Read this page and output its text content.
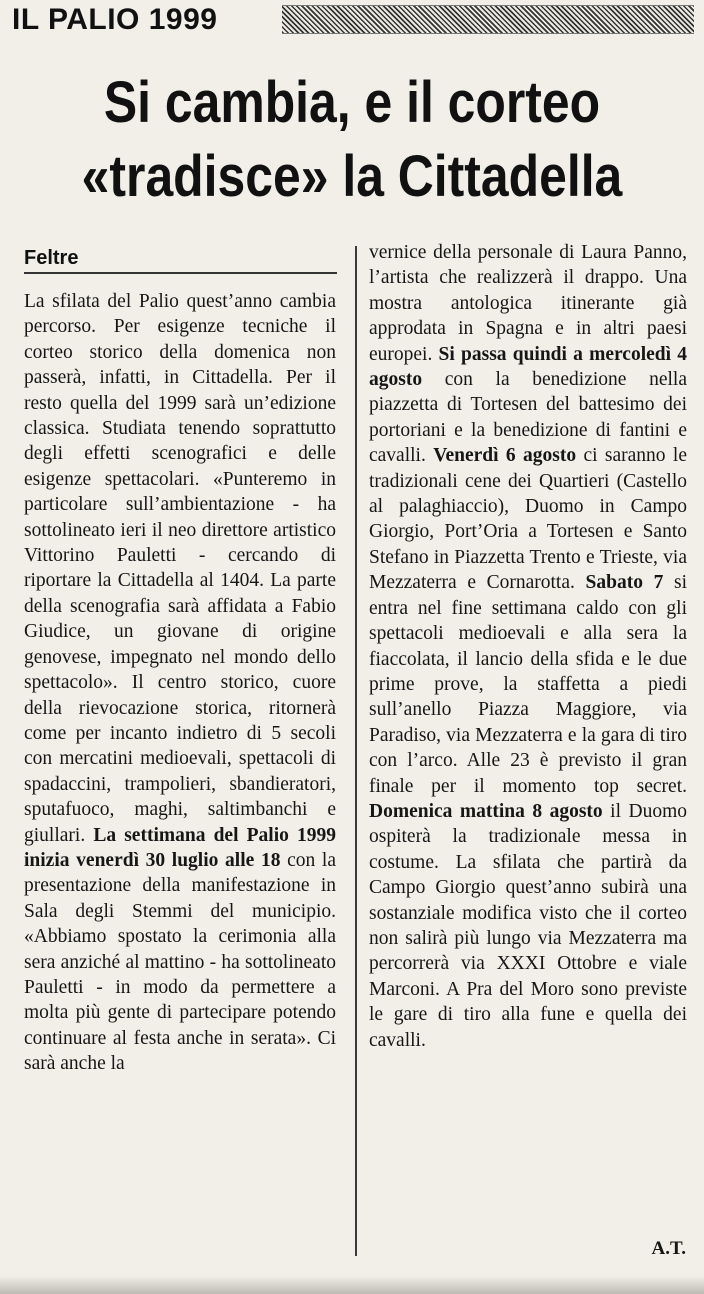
IL PALIO 1999
Si cambia, e il corteo
«tradisce» la Cittadella
Feltre
La sfilata del Palio quest’anno cambia percorso. Per esigenze tecniche il corteo storico della domenica non passerà, infatti, in Cittadella. Per il resto quella del 1999 sarà un’edizione classica. Studiata tenendo soprattutto degli effetti scenografici e delle esigenze spettacolari. «Punteremo in particolare sull’ambientazione - ha sottolineato ieri il neo direttore artistico Vittorino Pauletti - cercando di riportare la Cittadella al 1404. La parte della scenografia sarà affidata a Fabio Giudice, un giovane di origine genovese, impegnato nel mondo dello spettacolo». Il centro storico, cuore della rievocazione storica, ritornerà come per incanto indietro di 5 secoli con mercatini medioevali, spettacoli di spadaccini, trampolieri, sbandieratori, sputafuoco, maghi, saltimbanchi e giullari. La settimana del Palio 1999 inizia venerdì 30 luglio alle 18 con la presentazione della manifestazione in Sala degli Stemmi del municipio. «Abbiamo spostato la cerimonia alla sera anziché al mattino - ha sottolineato Pauletti - in modo da permettere a molta più gente di partecipare potendo continuare al festa anche in serata». Ci sarà anche la
vernice della personale di Laura Panno, l’artista che realizzerà il drappo. Una mostra antologica itinerante già approdata in Spagna e in altri paesi europei. Si passa quindi a mercoledì 4 agosto con la benedizione nella piazzetta di Tortesen del battesimo dei portoriani e la benedizione di fantini e cavalli. Venerdì 6 agosto ci saranno le tradizionali cene dei Quartieri (Castello al palaghiaccio), Duomo in Campo Giorgio, Port’Oria a Tortesen e Santo Stefano in Piazzetta Trento e Trieste, via Mezzaterra e Cornarotta. Sabato 7 si entra nel fine settimana caldo con gli spettacoli medioevali e alla sera la fiaccolata, il lancio della sfida e le due prime prove, la staffetta a piedi sull’anello Piazza Maggiore, via Paradiso, via Mezzaterra e la gara di tiro con l’arco. Alle 23 è previsto il gran finale per il momento top secret. Domenica mattina 8 agosto il Duomo ospiterà la tradizionale messa in costume. La sfilata che partirà da Campo Giorgio quest’anno subirà una sostanziale modifica visto che il corteo non salirà più lungo via Mezzaterra ma percorrerà via XXXI Ottobre e viale Marconi. A Pra del Moro sono previste le gare di tiro alla fune e quella dei cavalli.
A.T.
